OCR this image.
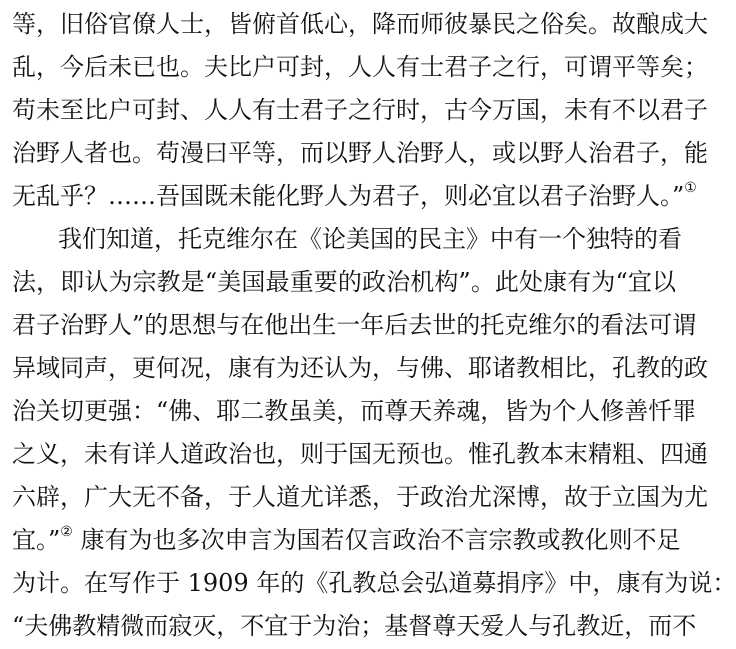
等，旧俗官僚人士，皆俯首低心，降而师彼暴民之俗矣。故酿成大
乱，今后未已也。夫比户可封，人人有士君子之行，可谓平等矣；
苟未至比户可封、人人有士君子之行时，古今万国，未有不以君子
治野人者也。苟漫曰平等，而以野人治野人，或以野人治君子，能
无乱乎？……吾国既未能化野人为君子，则必宜以君子治野人。”①
我们知道，托克维尔在《论美国的民主》中有一个独特的看
法，即认为宗教是“美国最重要的政治机构”。此处康有为“宜以
君子治野人”的思想与在他出生一年后去世的托克维尔的看法可谓
异域同声，更何况，康有为还认为，与佛、耶诸教相比，孔教的政
治关切更强：“佛、耶二教虽美，而尊天养魂，皆为个人修善忏罪
之义，未有详人道政治也，则于国无预也。惟孔教本末精粗、四通
六辟，广大无不备，于人道尤详悉，于政治尤深博，故于立国为尤
宜。”② 康有为也多次申言为国若仅言政治不言宗教或教化则不足
为计。在写作于 1909 年的《孔教总会弘道募捐序》中，康有为说：
“夫佛教精微而寂灭，不宜于为治；基督尊天爱人与孔教近，而不
